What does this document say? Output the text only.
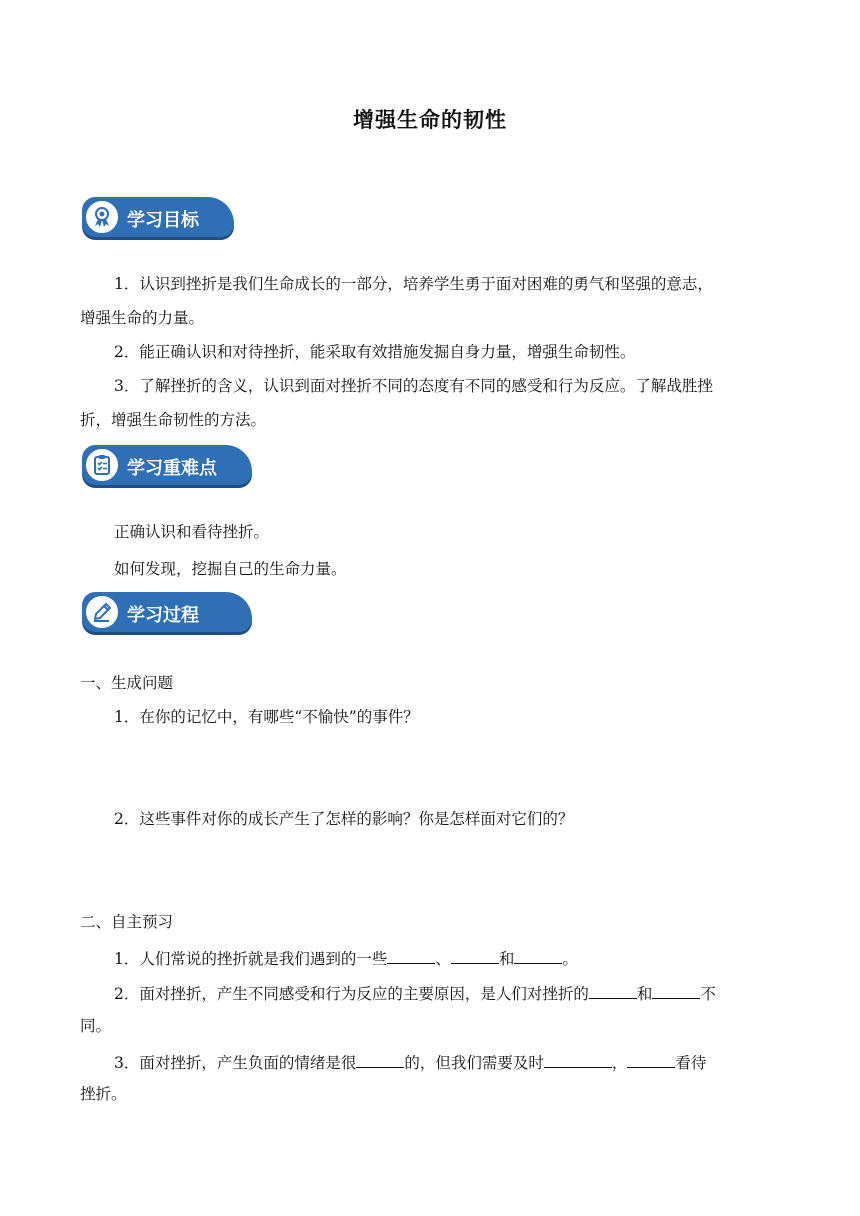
增强生命的韧性
学习目标
1．认识到挫折是我们生命成长的一部分，培养学生勇于面对困难的勇气和坚强的意志，
增强生命的力量。
2．能正确认识和对待挫折，能采取有效措施发掘自身力量，增强生命韧性。
3．了解挫折的含义，认识到面对挫折不同的态度有不同的感受和行为反应。了解战胜挫
折，增强生命韧性的方法。
学习重难点
正确认识和看待挫折。
如何发现，挖掘自己的生命力量。
学习过程
一、生成问题
1．在你的记忆中，有哪些“不愉快”的事件？
2．这些事件对你的成长产生了怎样的影响？你是怎样面对它们的？
二、自主预习
1．人们常说的挫折就是我们遇到的一些	、	和	。
2．面对挫折，产生不同感受和行为反应的主要原因，是人们对挫折的	和	不
同。
3．面对挫折，产生负面的情绪是很	的，但我们需要及时	，	看待
挫折。
